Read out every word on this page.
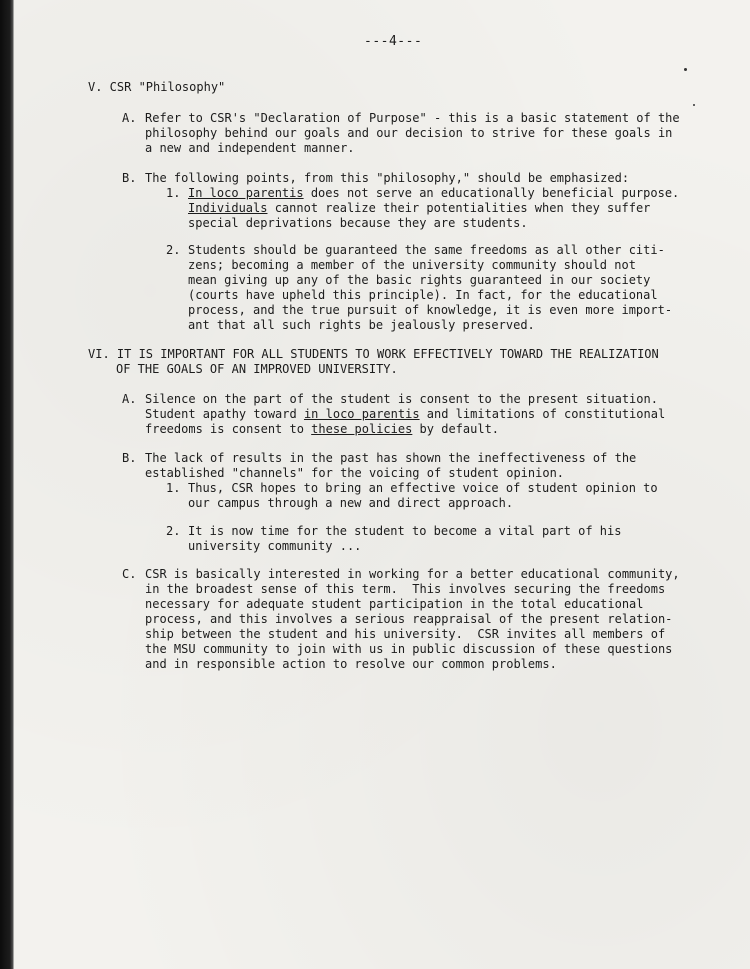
---4---
V. CSR "Philosophy"
A. Refer to CSR's "Declaration of Purpose" - this is a basic statement of the
philosophy behind our goals and our decision to strive for these goals in
a new and independent manner.
B. The following points, from this "philosophy," should be emphasized:
1. In loco parentis does not serve an educationally beneficial purpose.
Individuals cannot realize their potentialities when they suffer
special deprivations because they are students.
2. Students should be guaranteed the same freedoms as all other citi-
zens; becoming a member of the university community should not
mean giving up any of the basic rights guaranteed in our society
(courts have upheld this principle). In fact, for the educational
process, and the true pursuit of knowledge, it is even more import-
ant that all such rights be jealously preserved.
VI. IT IS IMPORTANT FOR ALL STUDENTS TO WORK EFFECTIVELY TOWARD THE REALIZATION
OF THE GOALS OF AN IMPROVED UNIVERSITY.
A. Silence on the part of the student is consent to the present situation.
Student apathy toward in loco parentis and limitations of constitutional
freedoms is consent to these policies by default.
B. The lack of results in the past has shown the ineffectiveness of the
established "channels" for the voicing of student opinion.
1. Thus, CSR hopes to bring an effective voice of student opinion to
our campus through a new and direct approach.
2. It is now time for the student to become a vital part of his
university community ...
C. CSR is basically interested in working for a better educational community,
in the broadest sense of this term.  This involves securing the freedoms
necessary for adequate student participation in the total educational
process, and this involves a serious reappraisal of the present relation-
ship between the student and his university.  CSR invites all members of
the MSU community to join with us in public discussion of these questions
and in responsible action to resolve our common problems.
